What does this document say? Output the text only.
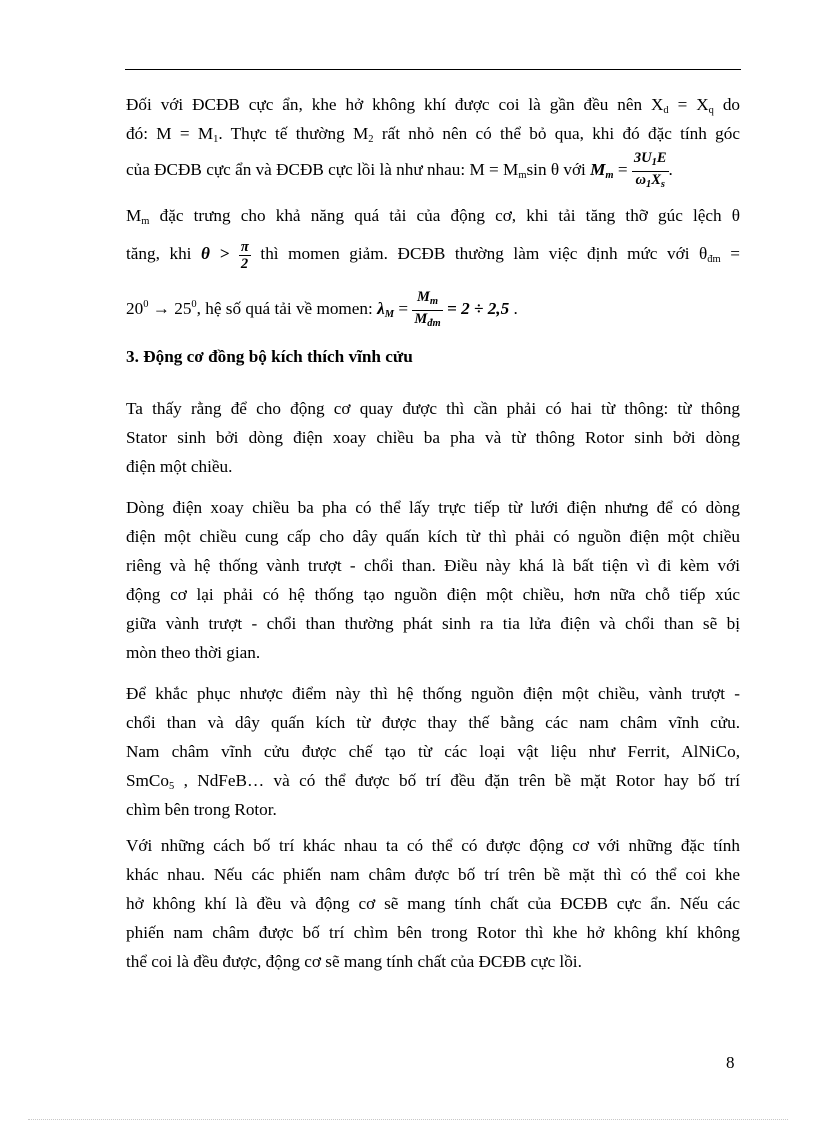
Đối với ĐCĐB cực ẩn, khe hở không khí được coi là gần đều nên $X_d = X_q$ do
đó: $M = M_1$. Thực tế thường $M_2$ rất nhỏ nên có thể bỏ qua, khi đó đặc tính góc
của ĐCĐB cực ẩn và ĐCĐB cực lồi là như nhau: $M = M_m\sin$ θ với $M_m = \frac{3U_1E}{\omega_1X_s}$ .
$M_m$ đặc trưng cho khả năng quá tải của động cơ, khi tải tăng thỡ gúc lệch θ
tăng, khi $\theta > \frac{\pi}{2}$ thì momen giảm. ĐCĐB thường làm việc định mức với $\theta_{đm}$ =
$20^0 \to 25^0$, hệ số quá tải về momen: $\lambda_M = \frac{M_m}{M_{đm}} = 2 \div 2,5$ .
3. Động cơ đồng bộ kích thích vĩnh cửu
Ta thấy rằng để cho động cơ quay được thì cần phải có hai từ thông: từ thông
Stator sinh bởi dòng điện xoay chiều ba pha và từ thông Rotor sinh bởi dòng
điện một chiều.
Dòng điện xoay chiều ba pha có thể lấy trực tiếp từ lưới điện nhưng để có dòng
điện một chiều cung cấp cho dây quấn kích từ thì phải có nguồn điện một chiều
riêng và hệ thống vành trượt - chổi than. Điều này khá là bất tiện vì đi kèm với
động cơ lại phải có hệ thống tạo nguồn điện một chiều, hơn nữa chỗ tiếp xúc
giữa vành trượt - chổi than thường phát sinh ra tia lửa điện và chổi than sẽ bị
mòn theo thời gian.
Để khắc phục nhược điểm này thì hệ thống nguồn điện một chiều, vành trượt -
chổi than và dây quấn kích từ được thay thế bằng các nam châm vĩnh cửu.
Nam châm vĩnh cửu được chế tạo từ các loại vật liệu như Ferrit, AlNiCo,
SmCo$_5$ , NdFeB… và có thể được bố trí đều đặn trên bề mặt Rotor hay bố trí
chìm bên trong Rotor.
Với những cách bố trí khác nhau ta có thể có được động cơ với những đặc tính
khác nhau. Nếu các phiến nam châm được bố trí trên bề mặt thì có thể coi khe
hở không khí là đều và động cơ sẽ mang tính chất của ĐCĐB cực ẩn. Nếu các
phiến nam châm được bố trí chìm bên trong Rotor thì khe hở không khí không
thể coi là đều được, động cơ sẽ mang tính chất của ĐCĐB cực lồi.
8
